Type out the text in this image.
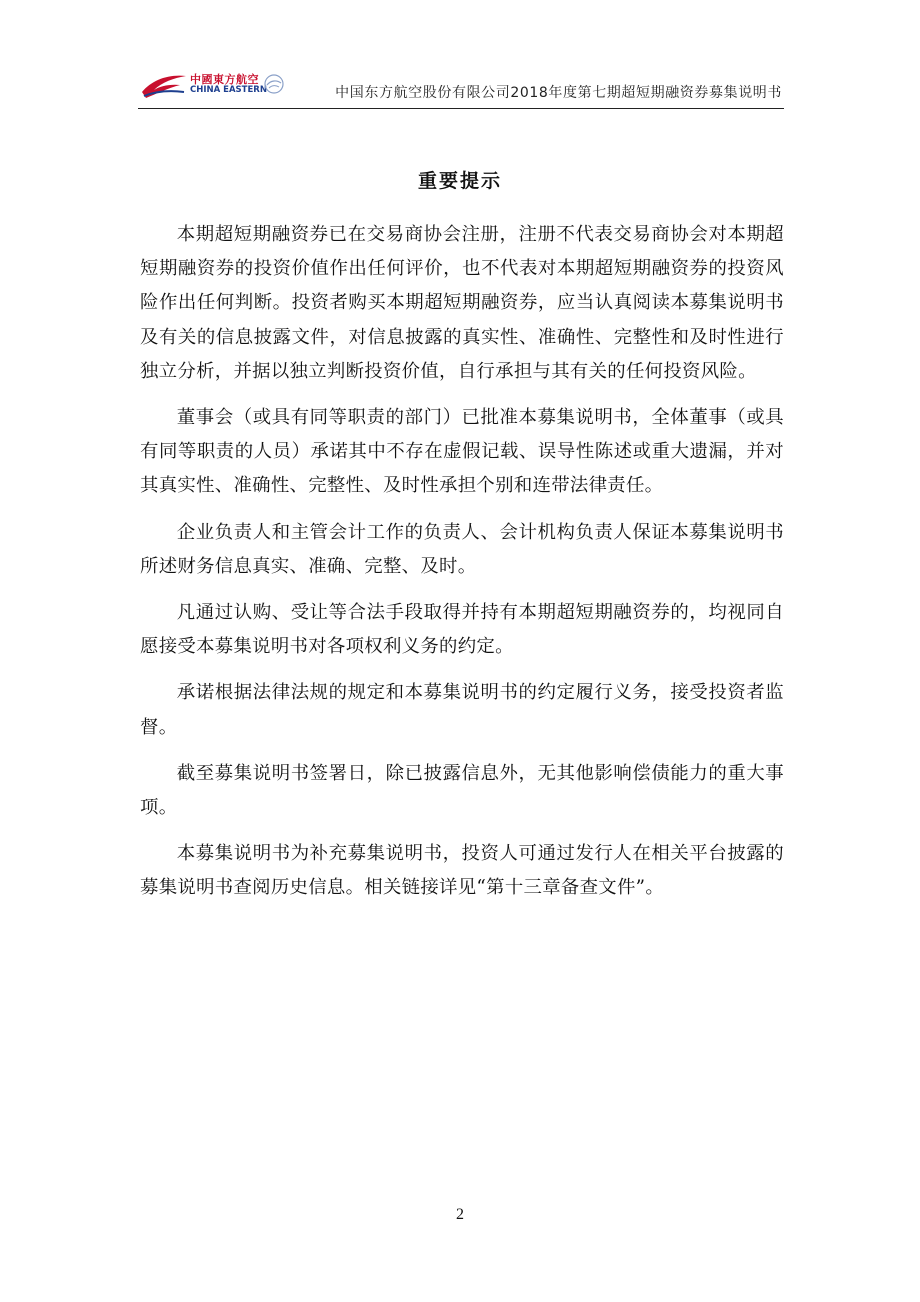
中國東方航空
CHINA EASTERN	中国东方航空股份有限公司2018年度第七期超短期融资券募集说明书
重要提示

本期超短期融资券已在交易商协会注册，注册不代表交易商协会对本期超短期融资券的投资价值作出任何评价，也不代表对本期超短期融资券的投资风险作出任何判断。投资者购买本期超短期融资券，应当认真阅读本募集说明书及有关的信息披露文件，对信息披露的真实性、准确性、完整性和及时性进行独立分析，并据以独立判断投资价值，自行承担与其有关的任何投资风险。

董事会（或具有同等职责的部门）已批准本募集说明书，全体董事（或具有同等职责的人员）承诺其中不存在虚假记载、误导性陈述或重大遗漏，并对其真实性、准确性、完整性、及时性承担个别和连带法律责任。

企业负责人和主管会计工作的负责人、会计机构负责人保证本募集说明书所述财务信息真实、准确、完整、及时。

凡通过认购、受让等合法手段取得并持有本期超短期融资券的，均视同自愿接受本募集说明书对各项权利义务的约定。

承诺根据法律法规的规定和本募集说明书的约定履行义务，接受投资者监督。

截至募集说明书签署日，除已披露信息外，无其他影响偿债能力的重大事项。

本募集说明书为补充募集说明书，投资人可通过发行人在相关平台披露的募集说明书查阅历史信息。相关链接详见“第十三章备查文件”。

2
